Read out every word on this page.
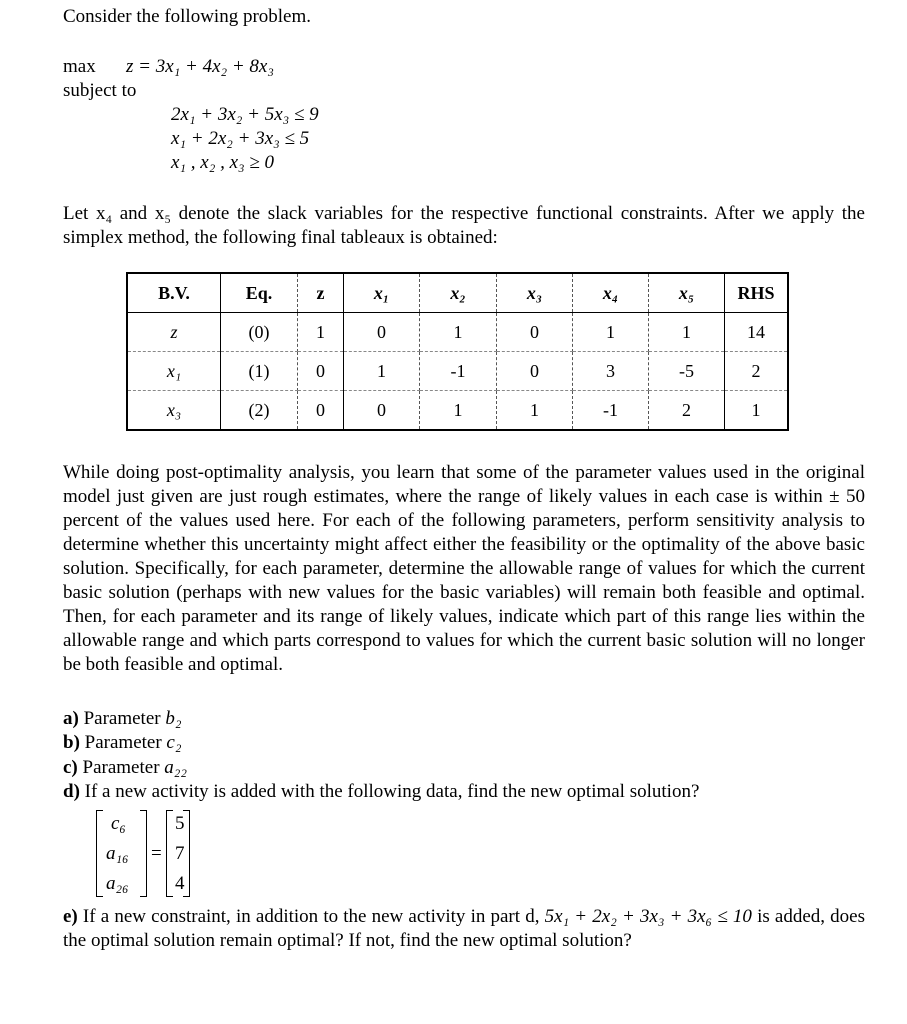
Consider the following problem.
max z = 3x₁ + 4x₂ + 8x₃
subject to
2x₁ + 3x₂ + 5x₃ ≤ 9
x₁ + 2x₂ + 3x₃ ≤ 5
x₁ , x₂ , x₃ ≥ 0
Let x₄ and x₅ denote the slack variables for the respective functional constraints. After we apply the simplex method, the following final tableaux is obtained:
B.V.	Eq.	z	x₁	x₂	x₃	x₄	x₅	RHS
z	(0)	1	0	1	0	1	1	14
x₁	(1)	0	1	-1	0	3	-5	2
x₃	(2)	0	0	1	1	-1	2	1
While doing post-optimality analysis, you learn that some of the parameter values used in the original model just given are just rough estimates, where the range of likely values in each case is within ± 50 percent of the values used here. For each of the following parameters, perform sensitivity analysis to determine whether this uncertainty might affect either the feasibility or the optimality of the above basic solution. Specifically, for each parameter, determine the allowable range of values for which the current basic solution (perhaps with new values for the basic variables) will remain both feasible and optimal. Then, for each parameter and its range of likely values, indicate which part of this range lies within the allowable range and which parts correspond to values for which the current basic solution will no longer be both feasible and optimal.
a) Parameter b₂
b) Parameter c₂
c) Parameter a₂₂
d) If a new activity is added with the following data, find the new optimal solution?
c₆
a₁₆
a₂₆
=
5
7
4
e) If a new constraint, in addition to the new activity in part d, 5x₁ + 2x₂ + 3x₃ + 3x₆ ≤ 10 is added, does the optimal solution remain optimal? If not, find the new optimal solution?
